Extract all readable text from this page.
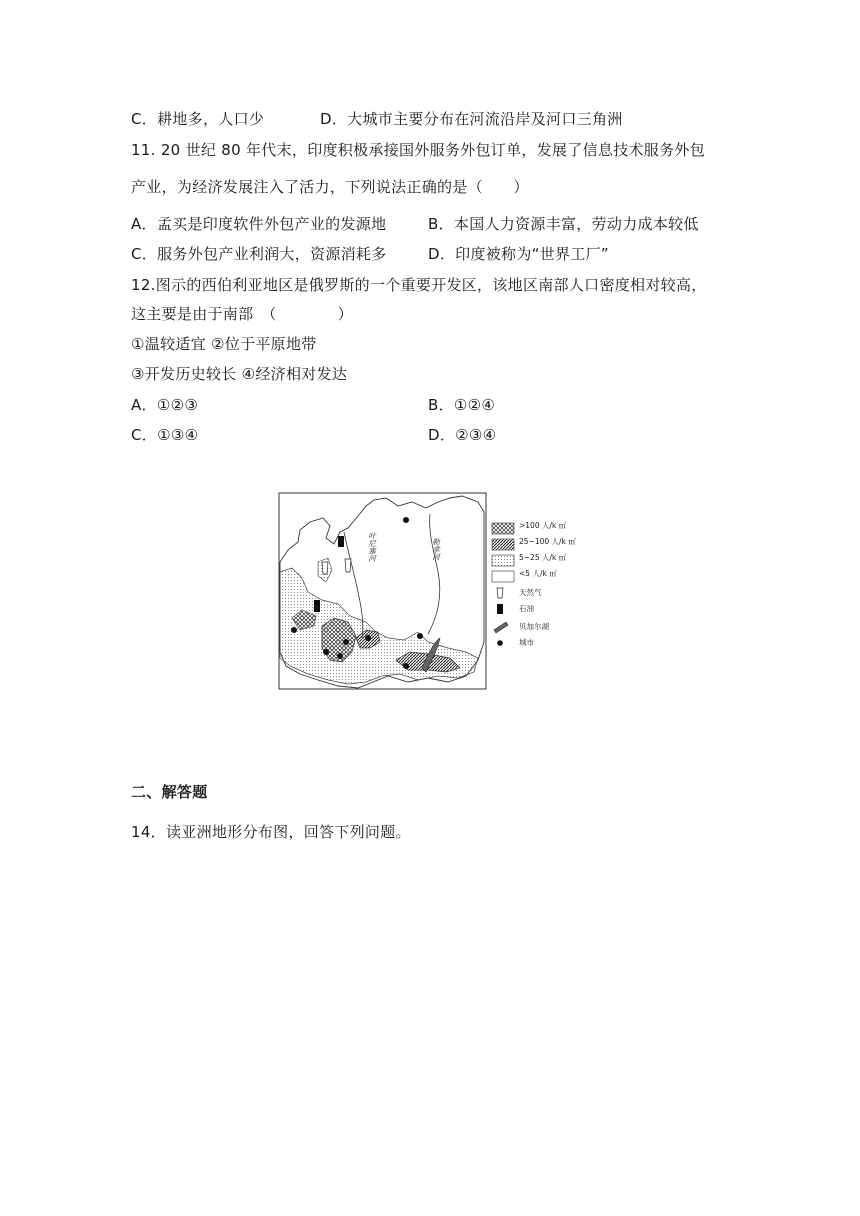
C．耕地多，人口少	D．大城市主要分布在河流沿岸及河口三角洲
11. 20 世纪 80 年代末，印度积极承接国外服务外包订单，发展了信息技术服务外包
产业，为经济发展注入了活力，下列说法正确的是（　　）
A．孟买是印度软件外包产业的发源地	B．本国人力资源丰富，劳动力成本较低
C．服务外包产业利润大，资源消耗多	D．印度被称为“世界工厂”
12.图示的西伯利亚地区是俄罗斯的一个重要开发区，该地区南部人口密度相对较高，
这主要是由于南部　（　　　　）
①温较适宜 ②位于平原地带
③开发历史较长 ④经济相对发达
A．①②③	B．①②④
C．①③④	D．②③④
叶尼塞河	勒拿河
>100 人/k ㎡
25~100 人/k ㎡
5~25 人/k ㎡
<5 人/k ㎡
天然气
石油
贝加尔湖
城市
二、解答题
14．读亚洲地形分布图，回答下列问题。
